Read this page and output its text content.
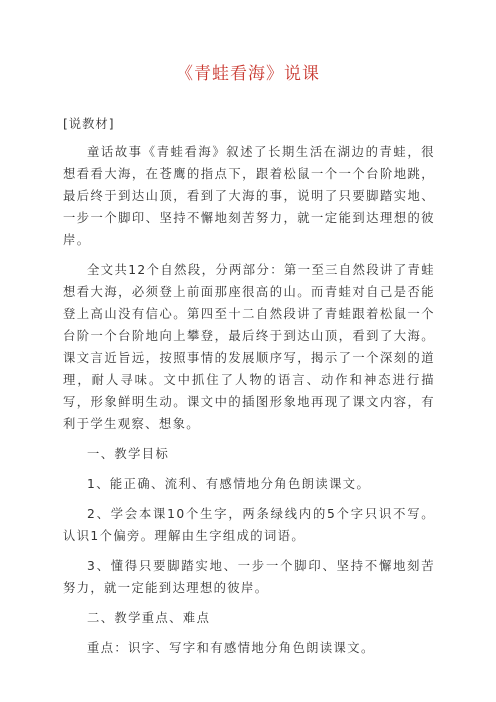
《青蛙看海》说课

[说教材]

童话故事《青蛙看海》叙述了长期生活在湖边的青蛙，很想看看大海，在苍鹰的指点下，跟着松鼠一个一个台阶地跳，最后终于到达山顶，看到了大海的事，说明了只要脚踏实地、一步一个脚印、坚持不懈地刻苦努力，就一定能到达理想的彼岸。

全文共12个自然段，分两部分：第一至三自然段讲了青蛙想看大海，必须登上前面那座很高的山。而青蛙对自己是否能登上高山没有信心。第四至十二自然段讲了青蛙跟着松鼠一个台阶一个台阶地向上攀登，最后终于到达山顶，看到了大海。课文言近旨远，按照事情的发展顺序写，揭示了一个深刻的道理，耐人寻味。文中抓住了人物的语言、动作和神态进行描写，形象鲜明生动。课文中的插图形象地再现了课文内容，有利于学生观察、想象。

一、教学目标

1、能正确、流利、有感情地分角色朗读课文。

2、学会本课10个生字，两条绿线内的5个字只识不写。认识1个偏旁。理解由生字组成的词语。

3、懂得只要脚踏实地、一步一个脚印、坚持不懈地刻苦努力，就一定能到达理想的彼岸。

二、教学重点、难点

重点：识字、写字和有感情地分角色朗读课文。
